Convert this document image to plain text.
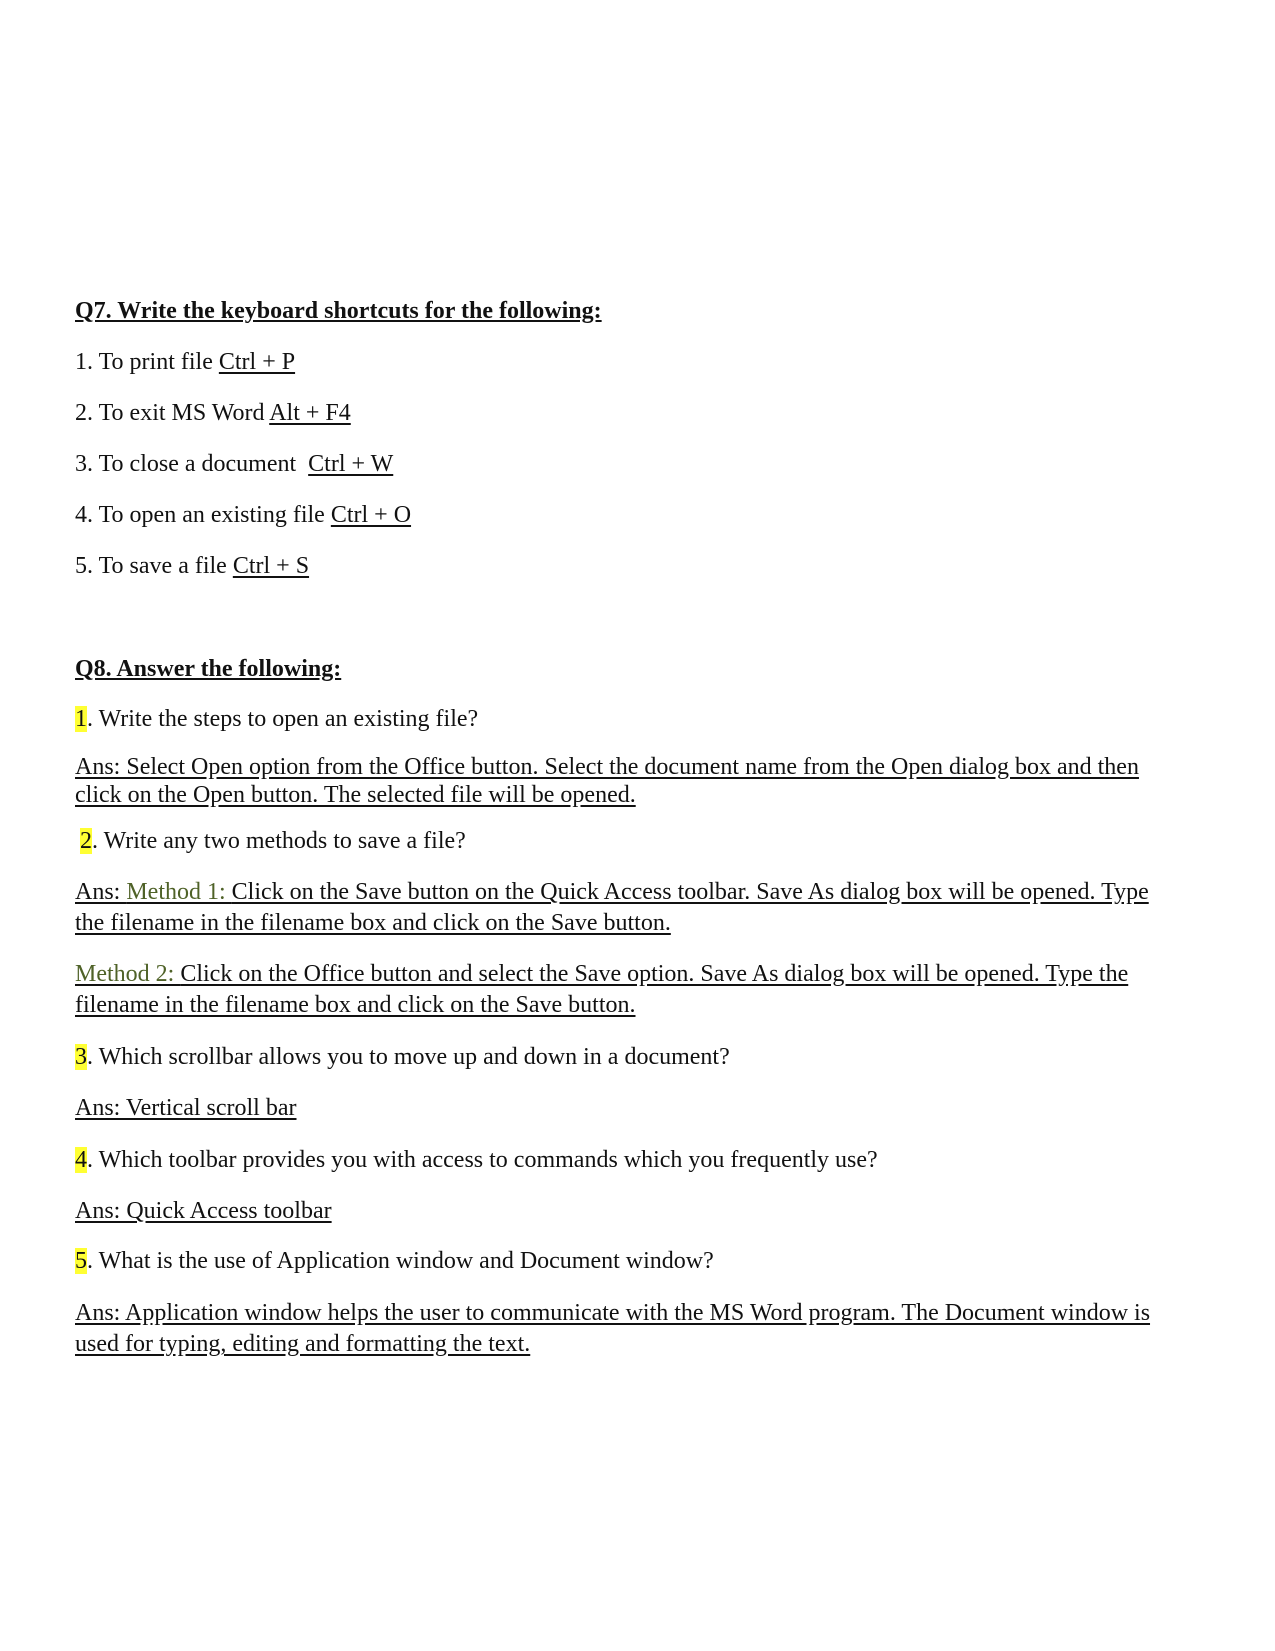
Q7. Write the keyboard shortcuts for the following:
1. To print file Ctrl + P
2. To exit MS Word Alt + F4
3. To close a document  Ctrl + W
4. To open an existing file Ctrl + O
5. To save a file Ctrl + S
Q8. Answer the following:
1. Write the steps to open an existing file?
Ans: Select Open option from the Office button. Select the document name from the Open dialog box and then
click on the Open button. The selected file will be opened.
2. Write any two methods to save a file?
Ans: Method 1: Click on the Save button on the Quick Access toolbar. Save As dialog box will be opened. Type
the filename in the filename box and click on the Save button.
Method 2: Click on the Office button and select the Save option. Save As dialog box will be opened. Type the
filename in the filename box and click on the Save button.
3. Which scrollbar allows you to move up and down in a document?
Ans: Vertical scroll bar
4. Which toolbar provides you with access to commands which you frequently use?
Ans: Quick Access toolbar
5. What is the use of Application window and Document window?
Ans: Application window helps the user to communicate with the MS Word program. The Document window is
used for typing, editing and formatting the text.
